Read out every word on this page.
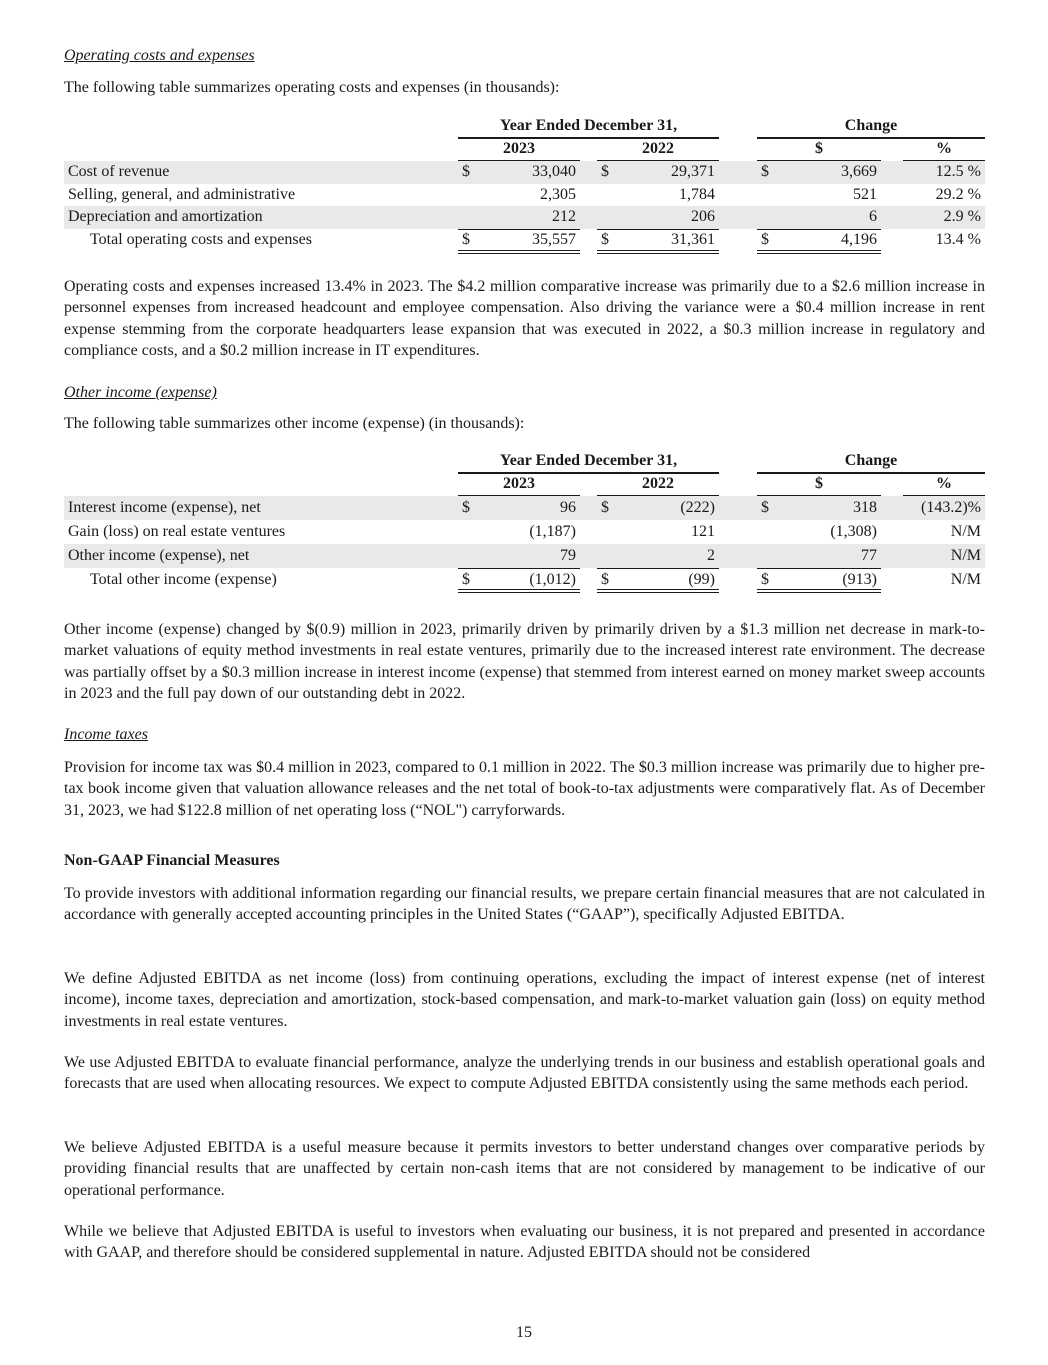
Operating costs and expenses
The following table summarizes operating costs and expenses (in thousands):
Year Ended December 31,	Change
2023	2022	$	%
Cost of revenue	$	33,040 $	29,371	$	3,669	12.5 %
Selling, general, and administrative	2,305	1,784	521	29.2 %
Depreciation and amortization	212	206	6	2.9 %
Total operating costs and expenses	$	35,557 $	31,361	$	4,196	13.4 %
Operating costs and expenses increased 13.4% in 2023. The $4.2 million comparative increase was primarily due to a $2.6 million increase in personnel expenses from increased headcount and employee compensation. Also driving the variance were a $0.4 million increase in rent expense stemming from the corporate headquarters lease expansion that was executed in 2022, a $0.3 million increase in regulatory and compliance costs, and a $0.2 million increase in IT expenditures.
Other income (expense)
The following table summarizes other income (expense) (in thousands):
Year Ended December 31,	Change
2023	2022	$	%
Interest income (expense), net	$	96 $	(222)	$	318	(143.2)%
Gain (loss) on real estate ventures	(1,187)	121	(1,308)	N/M
Other income (expense), net	79	2	77	N/M
Total other income (expense)	$	(1,012) $	(99)	$	(913)	N/M
Other income (expense) changed by $(0.9) million in 2023, primarily driven by primarily driven by a $1.3 million net decrease in mark-to-market valuations of equity method investments in real estate ventures, primarily due to the increased interest rate environment. The decrease was partially offset by a $0.3 million increase in interest income (expense) that stemmed from interest earned on money market sweep accounts in 2023 and the full pay down of our outstanding debt in 2022.
Income taxes
Provision for income tax was $0.4 million in 2023, compared to 0.1 million in 2022. The $0.3 million increase was primarily due to higher pre-tax book income given that valuation allowance releases and the net total of book-to-tax adjustments were comparatively flat. As of December 31, 2023, we had $122.8 million of net operating loss (“NOL") carryforwards.
Non-GAAP Financial Measures
To provide investors with additional information regarding our financial results, we prepare certain financial measures that are not calculated in accordance with generally accepted accounting principles in the United States (“GAAP”), specifically Adjusted EBITDA.
We define Adjusted EBITDA as net income (loss) from continuing operations, excluding the impact of interest expense (net of interest income), income taxes, depreciation and amortization, stock-based compensation, and mark-to-market valuation gain (loss) on equity method investments in real estate ventures.
We use Adjusted EBITDA to evaluate financial performance, analyze the underlying trends in our business and establish operational goals and forecasts that are used when allocating resources. We expect to compute Adjusted EBITDA consistently using the same methods each period.
We believe Adjusted EBITDA is a useful measure because it permits investors to better understand changes over comparative periods by providing financial results that are unaffected by certain non-cash items that are not considered by management to be indicative of our operational performance.
While we believe that Adjusted EBITDA is useful to investors when evaluating our business, it is not prepared and presented in accordance with GAAP, and therefore should be considered supplemental in nature. Adjusted EBITDA should not be considered
15
